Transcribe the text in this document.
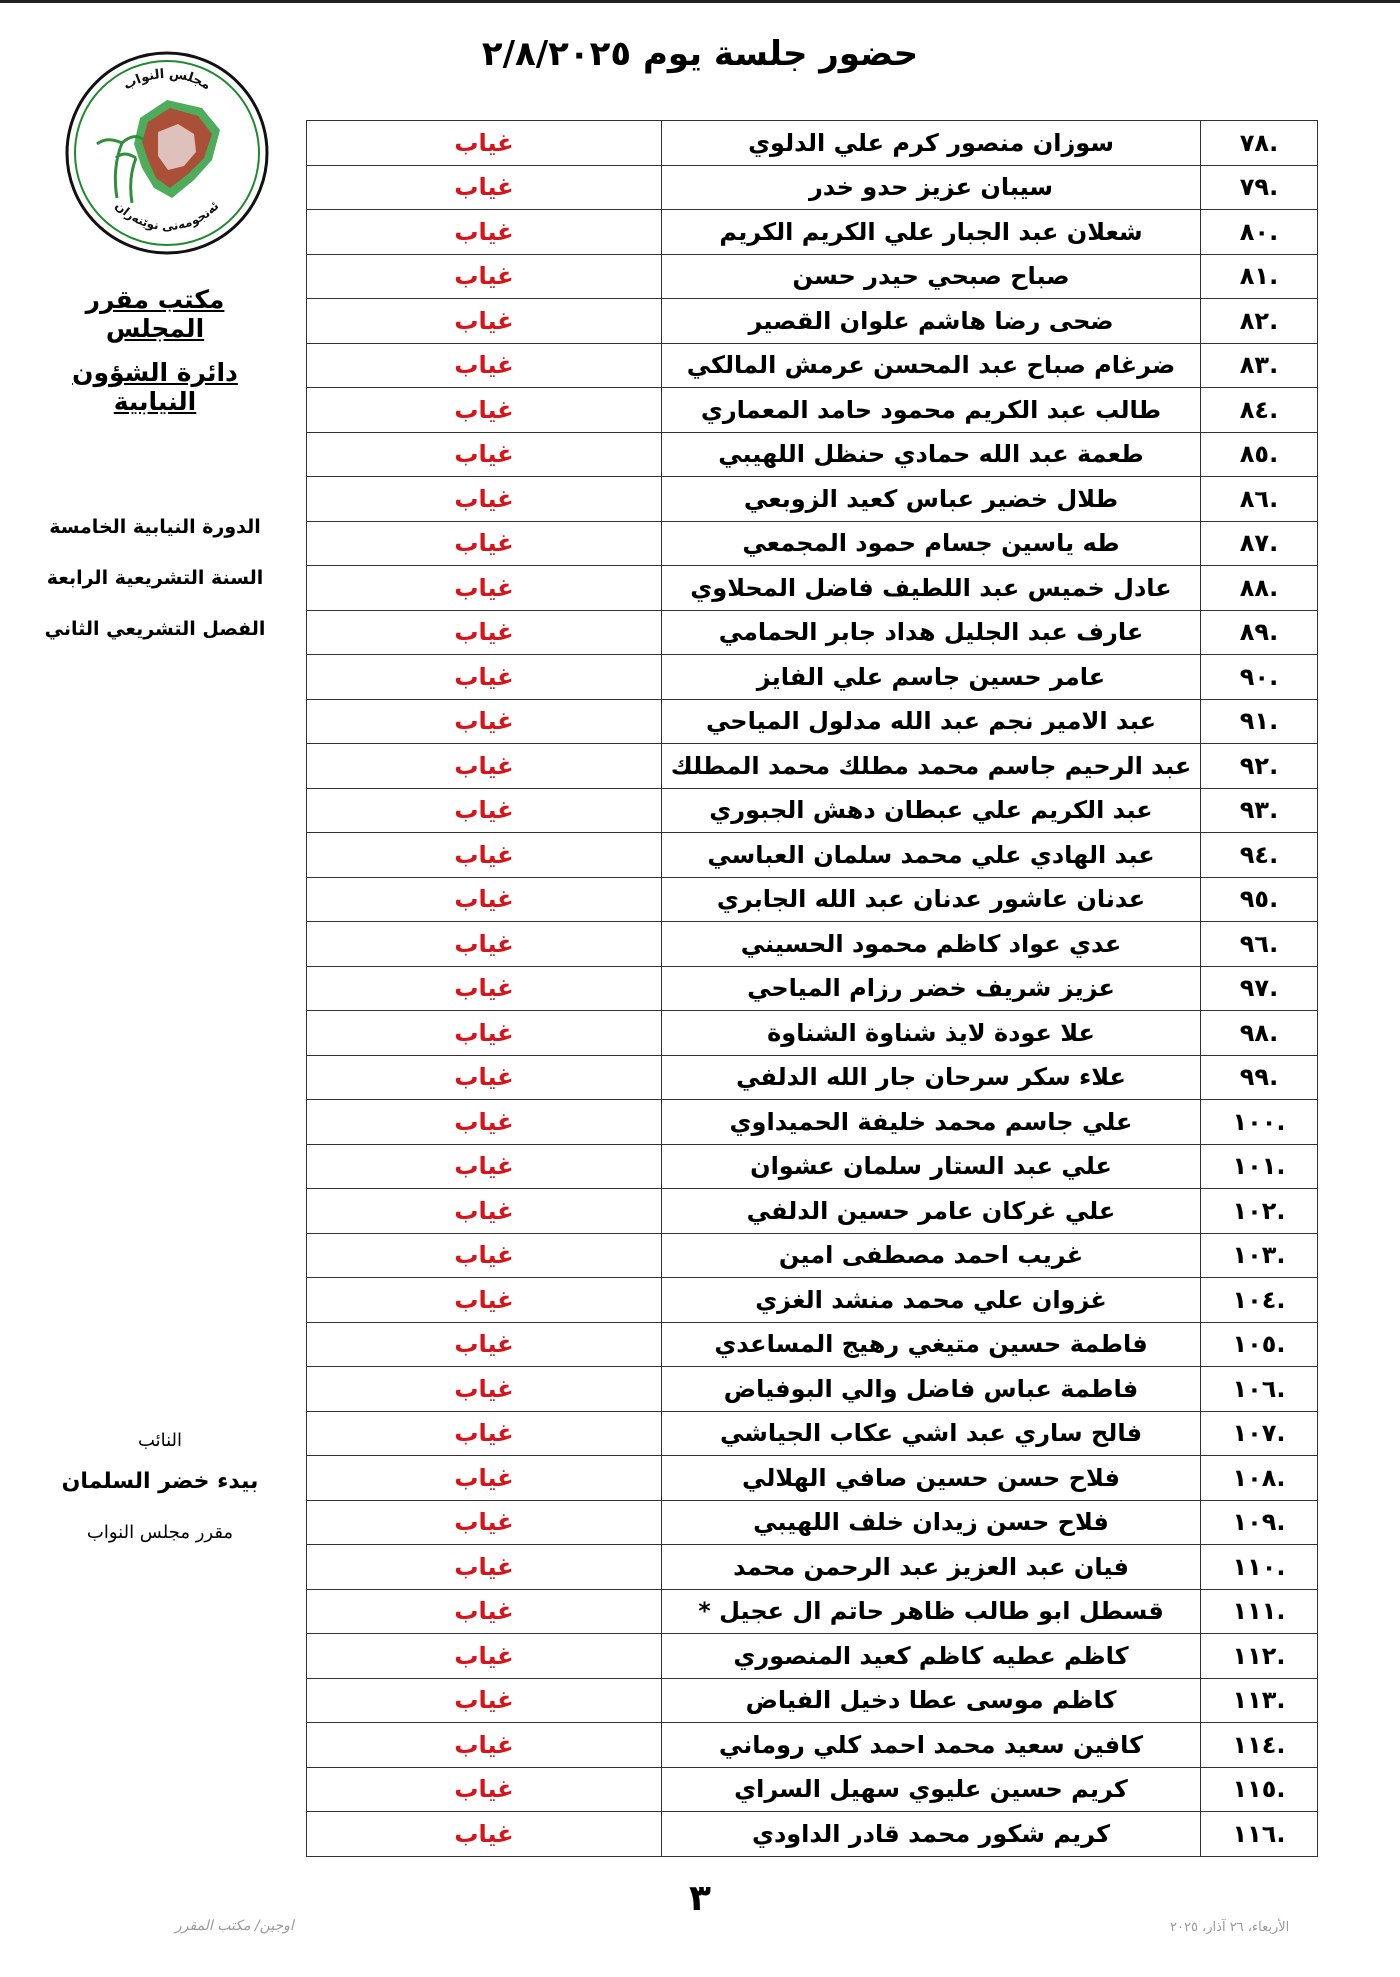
حضور جلسة يوم ٢/٨/٢٠٢٥
مجلس النواب
ئەنجومەنی نوێنەران
مكتب مقرر المجلس
دائرة الشؤون النيابية
الدورة النيابية الخامسة
السنة التشريعية الرابعة
الفصل التشريعي الثاني
النائب
بيدء خضر السلمان
مقرر مجلس النواب
٧٨.	سوزان منصور كرم علي الدلوي	غياب
٧٩.	سيبان عزيز حدو خدر	غياب
٨٠.	شعلان عبد الجبار علي الكريم الكريم	غياب
٨١.	صباح صبحي حيدر حسن	غياب
٨٢.	ضحى رضا هاشم علوان القصير	غياب
٨٣.	ضرغام صباح عبد المحسن عرمش المالكي	غياب
٨٤.	طالب عبد الكريم محمود حامد المعماري	غياب
٨٥.	طعمة عبد الله حمادي حنظل اللهيبي	غياب
٨٦.	طلال خضير عباس كعيد الزوبعي	غياب
٨٧.	طه ياسين جسام حمود المجمعي	غياب
٨٨.	عادل خميس عبد اللطيف فاضل المحلاوي	غياب
٨٩.	عارف عبد الجليل هداد جابر الحمامي	غياب
٩٠.	عامر حسين جاسم علي الفايز	غياب
٩١.	عبد الامير نجم عبد الله مدلول المياحي	غياب
٩٢.	عبد الرحيم جاسم محمد مطلك محمد المطلك	غياب
٩٣.	عبد الكريم علي عبطان دهش الجبوري	غياب
٩٤.	عبد الهادي علي محمد سلمان العباسي	غياب
٩٥.	عدنان عاشور عدنان عبد الله الجابري	غياب
٩٦.	عدي عواد كاظم محمود الحسيني	غياب
٩٧.	عزيز شريف خضر رزام المياحي	غياب
٩٨.	علا عودة لايذ شناوة الشناوة	غياب
٩٩.	علاء سكر سرحان جار الله الدلفي	غياب
١٠٠.	علي جاسم محمد خليفة الحميداوي	غياب
١٠١.	علي عبد الستار سلمان عشوان	غياب
١٠٢.	علي غركان عامر حسين الدلفي	غياب
١٠٣.	غريب احمد مصطفى امين	غياب
١٠٤.	غزوان علي محمد منشد الغزي	غياب
١٠٥.	فاطمة حسين متيغي رهيج المساعدي	غياب
١٠٦.	فاطمة عباس فاضل والي البوفياض	غياب
١٠٧.	فالح ساري عبد اشي عكاب الجياشي	غياب
١٠٨.	فلاح حسن حسين صافي الهلالي	غياب
١٠٩.	فلاح حسن زيدان خلف اللهيبي	غياب
١١٠.	فيان عبد العزيز عبد الرحمن محمد	غياب
١١١.	قسطل ابو طالب ظاهر حاتم ال عجيل *	غياب
١١٢.	كاظم عطيه كاظم كعيد المنصوري	غياب
١١٣.	كاظم موسى عطا دخيل الفياض	غياب
١١٤.	كافين سعيد محمد احمد كلي روماني	غياب
١١٥.	كريم حسين عليوي سهيل السراي	غياب
١١٦.	كريم شكور محمد قادر الداودي	غياب
٣
اوجين/ مكتب المقرر	الأربعاء، ٢٦ آذار، ٢٠٢٥
